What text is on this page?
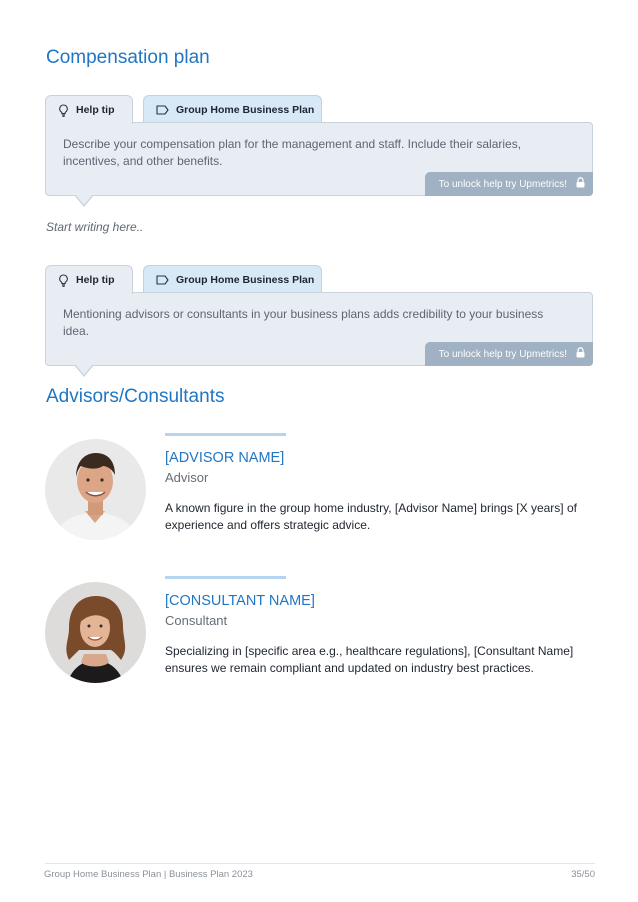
Compensation plan
Help tip	Group Home Business Plan
Describe your compensation plan for the management and staff. Include their salaries, incentives, and other benefits.
To unlock help try Upmetrics!
Start writing here..
Help tip	Group Home Business Plan
Mentioning advisors or consultants in your business plans adds credibility to your business idea.
To unlock help try Upmetrics!
Advisors/Consultants
[ADVISOR NAME]
Advisor
A known figure in the group home industry, [Advisor Name] brings [X years] of experience and offers strategic advice.
[CONSULTANT NAME]
Consultant
Specializing in [specific area e.g., healthcare regulations], [Consultant Name] ensures we remain compliant and updated on industry best practices.
Group Home Business Plan | Business Plan 2023	35/50
